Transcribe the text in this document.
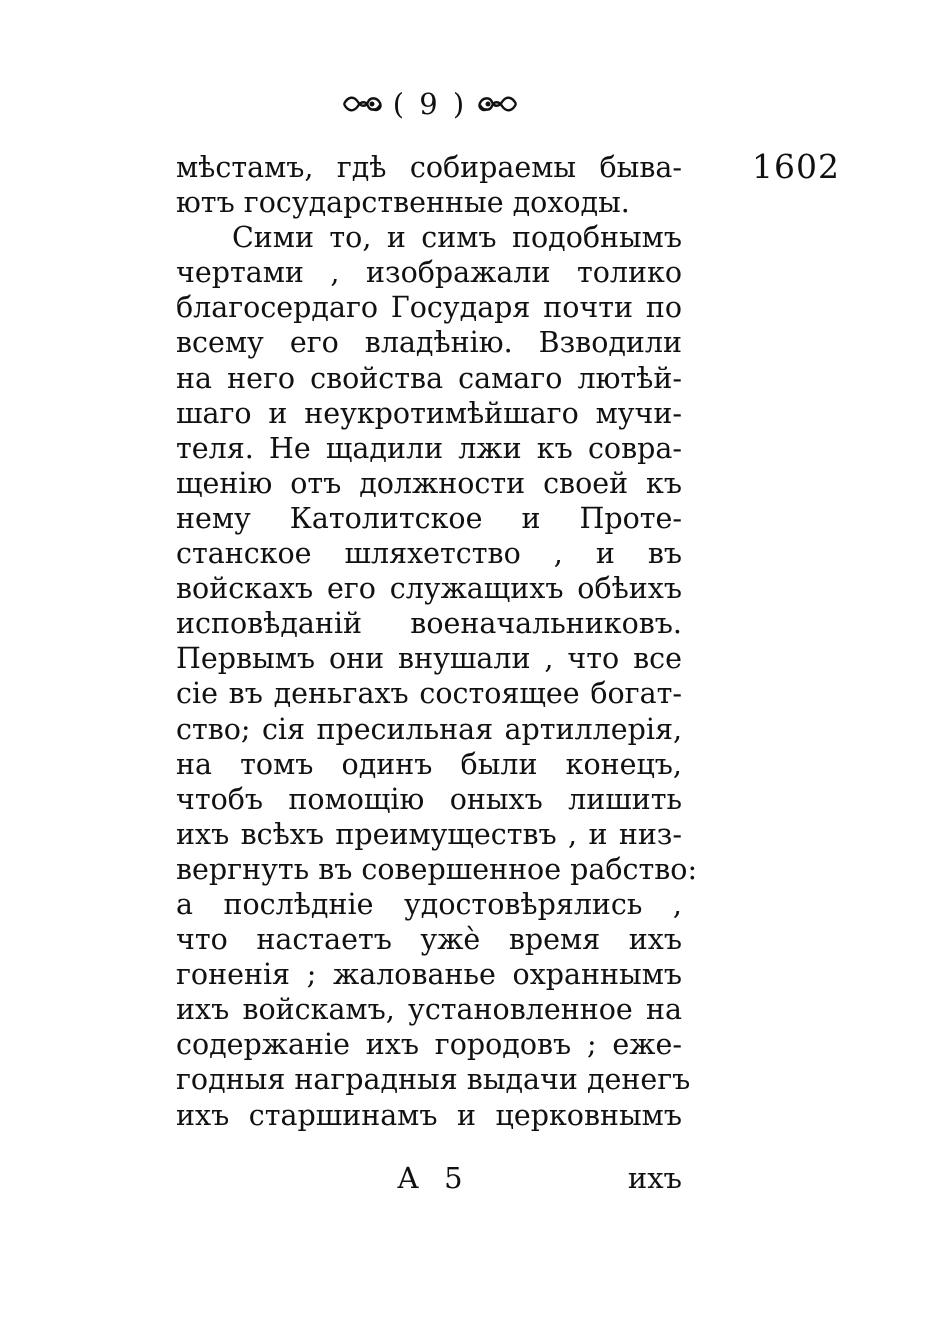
( 9 )
1602
мѣстамъ, гдѣ собираемы быва-
ютъ государственные доходы.
Сими то, и симъ подобнымъ
чертами , изображали толико
благосердаго Государя почти по
всему его владѣнію. Взводили
на него свойства самаго лютѣй-
шаго и неукротимѣйшаго мучи-
теля. Не щадили лжи къ совра-
щенію отъ должности своей къ
нему Католитское и Проте-
станское шляхетство , и въ
войскахъ его служащихъ обѣихъ
исповѣданій военачальниковъ.
Первымъ они внушали , что все
сіе въ деньгахъ состоящее богат-
ство; сія пресильная артиллерія,
на томъ одинъ были конецъ,
чтобъ помощію оныхъ лишить
ихъ всѣхъ преимуществъ , и низ-
вергнуть въ совершенное рабство:
а послѣдніе удостовѣрялись ,
что настаетъ ужè время ихъ
гоненія ; жалованье охраннымъ
ихъ войскамъ, установленное на
содержаніе ихъ городовъ ; еже-
годныя наградныя выдачи денегъ
ихъ старшинамъ и церковнымъ
А 5	ихъ
